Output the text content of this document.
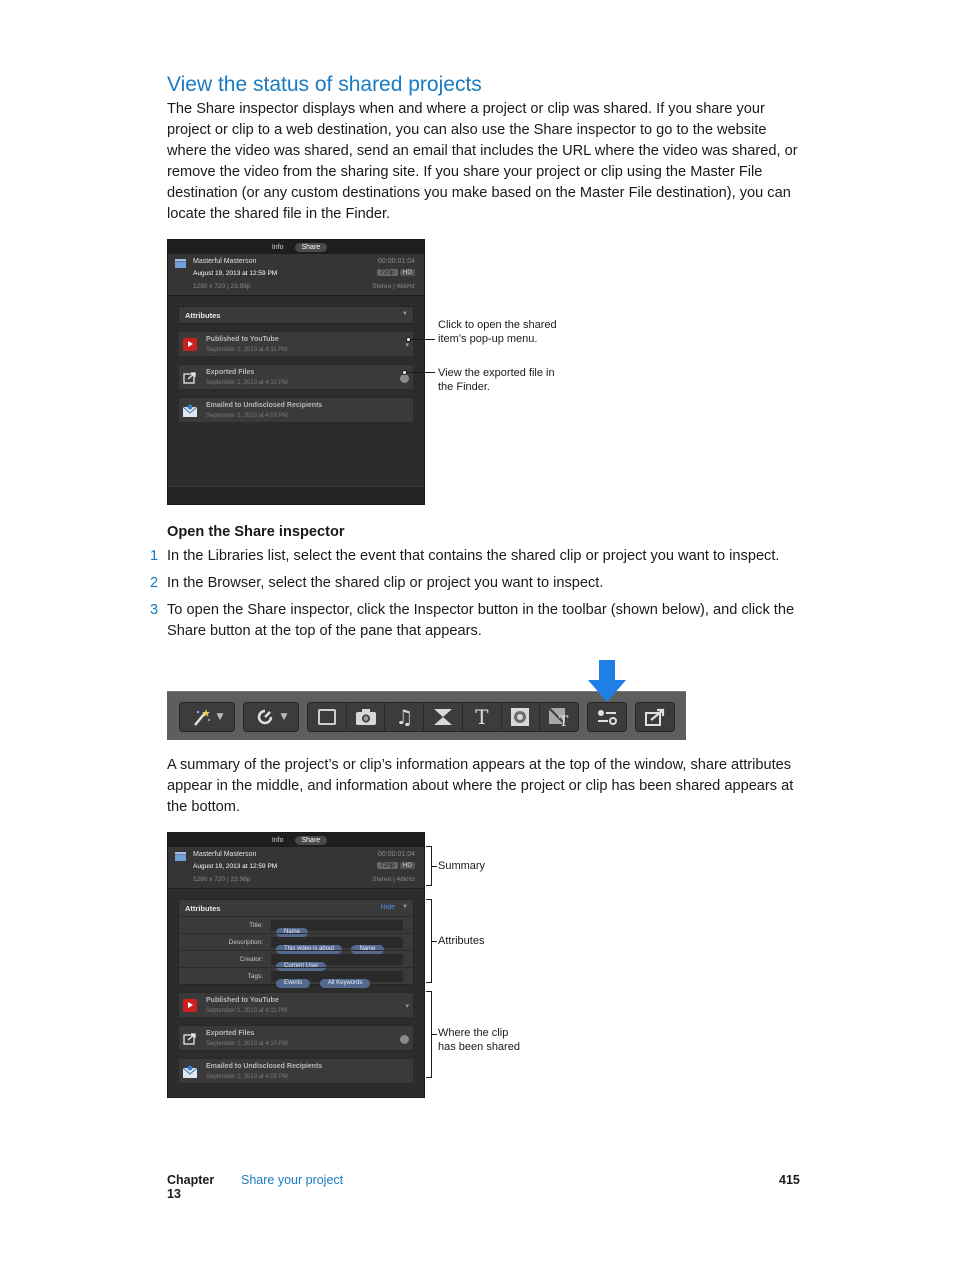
View the status of shared projects

The Share inspector displays when and where a project or clip was shared. If you share your project or clip to a web destination, you can also use the Share inspector to go to the website where the video was shared, send an email that includes the URL where the video was shared, or remove the video from the sharing site. If you share your project or clip using the Master File destination (or any custom destinations you make based on the Master File destination), you can locate the shared file in the Finder.

Info	Share
Masterful Masterson
August 19, 2013 at 12:59 PM
1280 x 720 | 23.98p
00:00:01:04
720p	HD
Stereo | 48kHz
Attributes	▼
Published to YouTube
September 2, 2013 at 4:11 PM
▾
Exported Files
September 2, 2013 at 4:10 PM
Emailed to Undisclosed Recipients
September 2, 2013 at 4:09 PM
Click to open the shared item’s pop-up menu.
View the exported file in the Finder.
Open the Share inspector
1 In the Libraries list, select the event that contains the shared clip or project you want to inspect.
2 In the Browser, select the shared clip or project you want to inspect.
3 To open the Share inspector, click the Inspector button in the toolbar (shown below), and click the Share button at the top of the pane that appears.
▼	▼	♫	T	T

A summary of the project’s or clip’s information appears at the top of the window, share attributes appear in the middle, and information about where the project or clip has been shared appears at the bottom.

Info	Share
Masterful Masterson
August 19, 2013 at 12:59 PM
1280 x 720 | 23.98p
00:00:01:04
720p	HD
Stereo | 48kHz
Attributes	Hide ▼
Title:
Name
Description:
This video is about	Name
Creator:
Current User
Tags:
Events	All Keywords
Published to YouTube
September 2, 2013 at 4:11 PM
▾
Exported Files
September 2, 2013 at 4:10 PM
Emailed to Undisclosed Recipients
September 2, 2013 at 4:09 PM
Summary
Attributes
Where the clip has been shared
Chapter 13
Share your project	415
